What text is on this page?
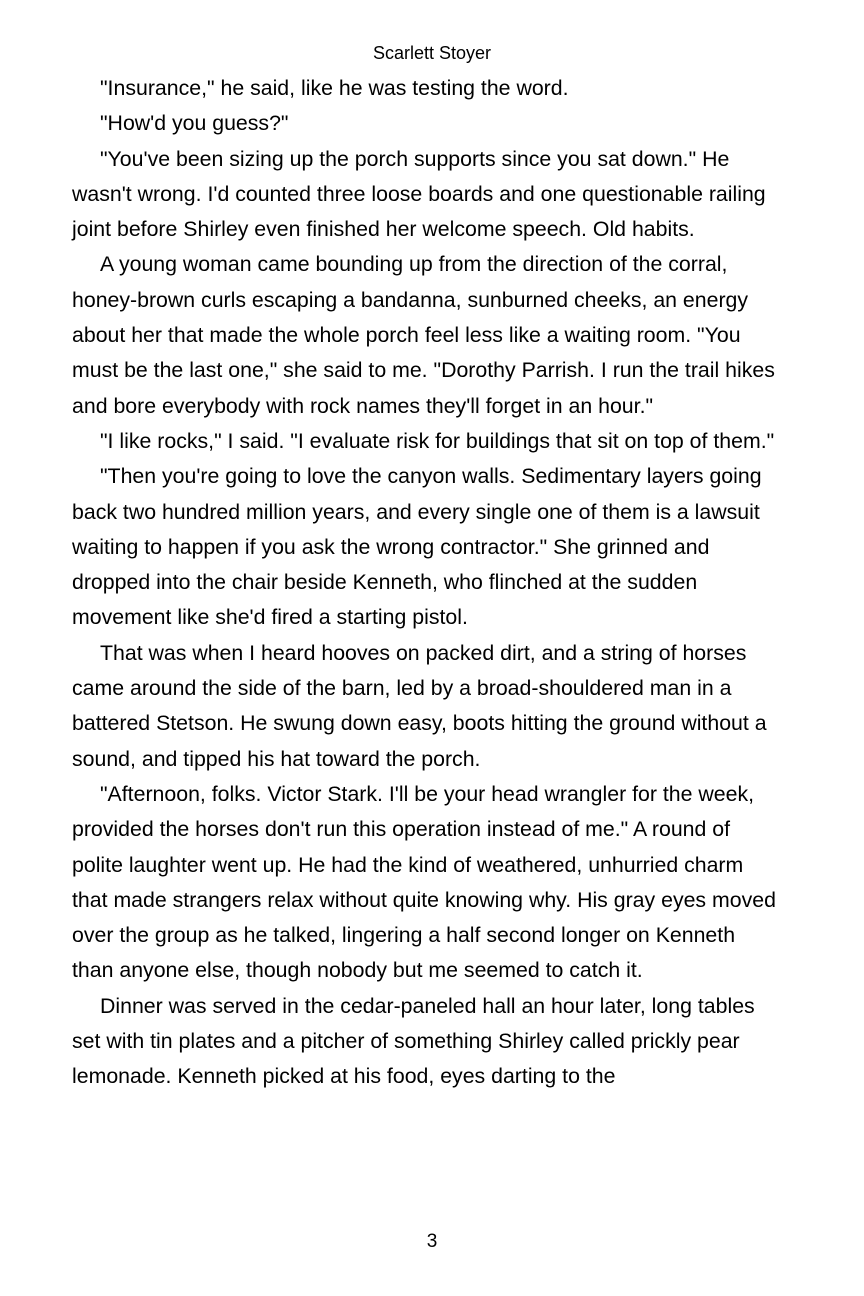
Scarlett Stoyer

"Insurance," he said, like he was testing the word.

"How'd you guess?"

"You've been sizing up the porch supports since you sat down." He wasn't wrong. I'd counted three loose boards and one questionable railing joint before Shirley even finished her welcome speech. Old habits.

A young woman came bounding up from the direction of the corral, honey-brown curls escaping a bandanna, sunburned cheeks, an energy about her that made the whole porch feel less like a waiting room. "You must be the last one," she said to me. "Dorothy Parrish. I run the trail hikes and bore everybody with rock names they'll forget in an hour."

"I like rocks," I said. "I evaluate risk for buildings that sit on top of them."

"Then you're going to love the canyon walls. Sedimentary layers going back two hundred million years, and every single one of them is a lawsuit waiting to happen if you ask the wrong contractor." She grinned and dropped into the chair beside Kenneth, who flinched at the sudden movement like she'd fired a starting pistol.

That was when I heard hooves on packed dirt, and a string of horses came around the side of the barn, led by a broad-shouldered man in a battered Stetson. He swung down easy, boots hitting the ground without a sound, and tipped his hat toward the porch.

"Afternoon, folks. Victor Stark. I'll be your head wrangler for the week, provided the horses don't run this operation instead of me." A round of polite laughter went up. He had the kind of weathered, unhurried charm that made strangers relax without quite knowing why. His gray eyes moved over the group as he talked, lingering a half second longer on Kenneth than anyone else, though nobody but me seemed to catch it.

Dinner was served in the cedar-paneled hall an hour later, long tables set with tin plates and a pitcher of something Shirley called prickly pear lemonade. Kenneth picked at his food, eyes darting to the

3
